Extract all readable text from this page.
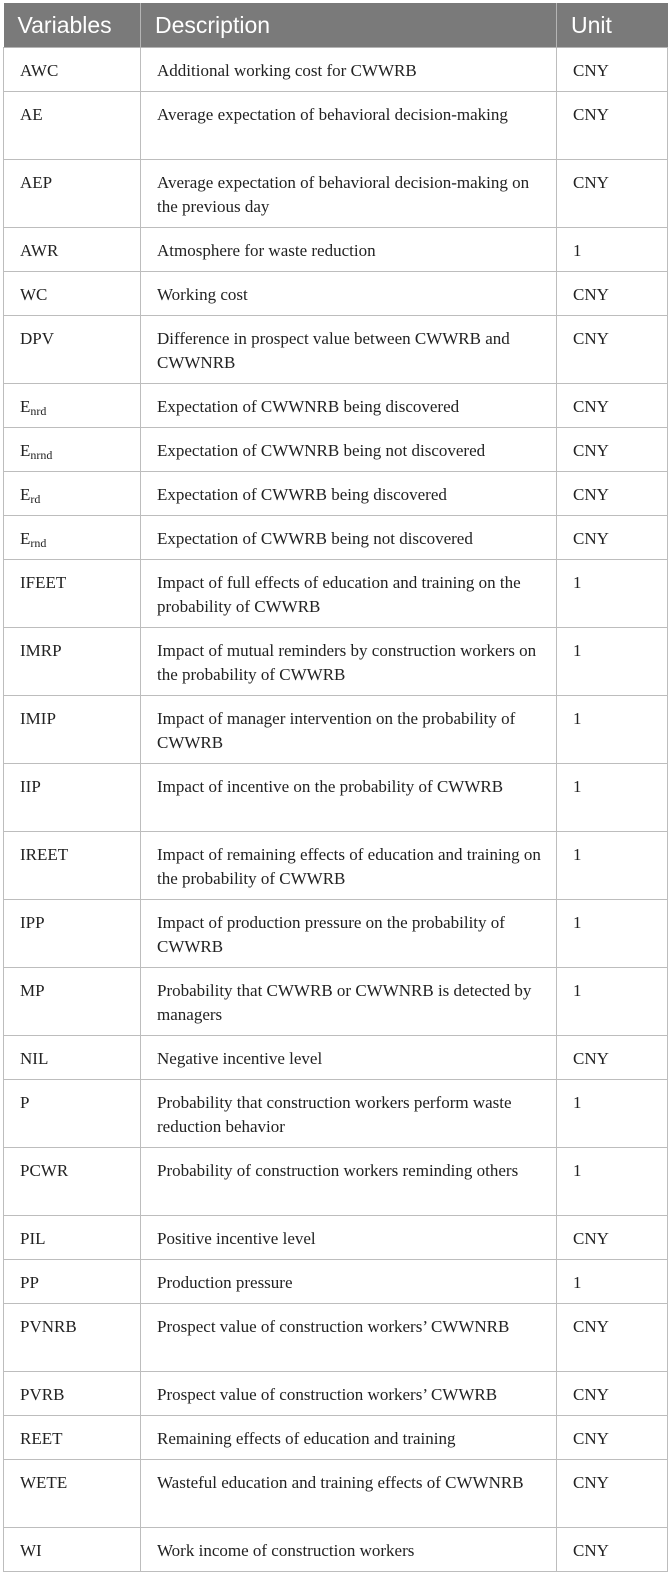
Variables	Description	Unit
AWC	Additional working cost for CWWRB	CNY
AE	Average expectation of behavioral decision-making	CNY
AEP	Average expectation of behavioral decision-making on the previous day	CNY
AWR	Atmosphere for waste reduction	1
WC	Working cost	CNY
DPV	Difference in prospect value between CWWRB and CWWNRB	CNY
$E_{nrd}$	Expectation of CWWNRB being discovered	CNY
$E_{nrnd}$	Expectation of CWWNRB being not discovered	CNY
$E_{rd}$	Expectation of CWWRB being discovered	CNY
$E_{rnd}$	Expectation of CWWRB being not discovered	CNY
IFEET	Impact of full effects of education and training on the probability of CWWRB	1
IMRP	Impact of mutual reminders by construction workers on the probability of CWWRB	1
IMIP	Impact of manager intervention on the probability of CWWRB	1
IIP	Impact of incentive on the probability of CWWRB	1
IREET	Impact of remaining effects of education and training on the probability of CWWRB	1
IPP	Impact of production pressure on the probability of CWWRB	1
MP	Probability that CWWRB or CWWNRB is detected by managers	1
NIL	Negative incentive level	CNY
P	Probability that construction workers perform waste reduction behavior	1
PCWR	Probability of construction workers reminding others	1
PIL	Positive incentive level	CNY
PP	Production pressure	1
PVNRB	Prospect value of construction workers’ CWWNRB	CNY
PVRB	Prospect value of construction workers’ CWWRB	CNY
REET	Remaining effects of education and training	CNY
WETE	Wasteful education and training effects of CWWNRB	CNY
WI	Work income of construction workers	CNY
